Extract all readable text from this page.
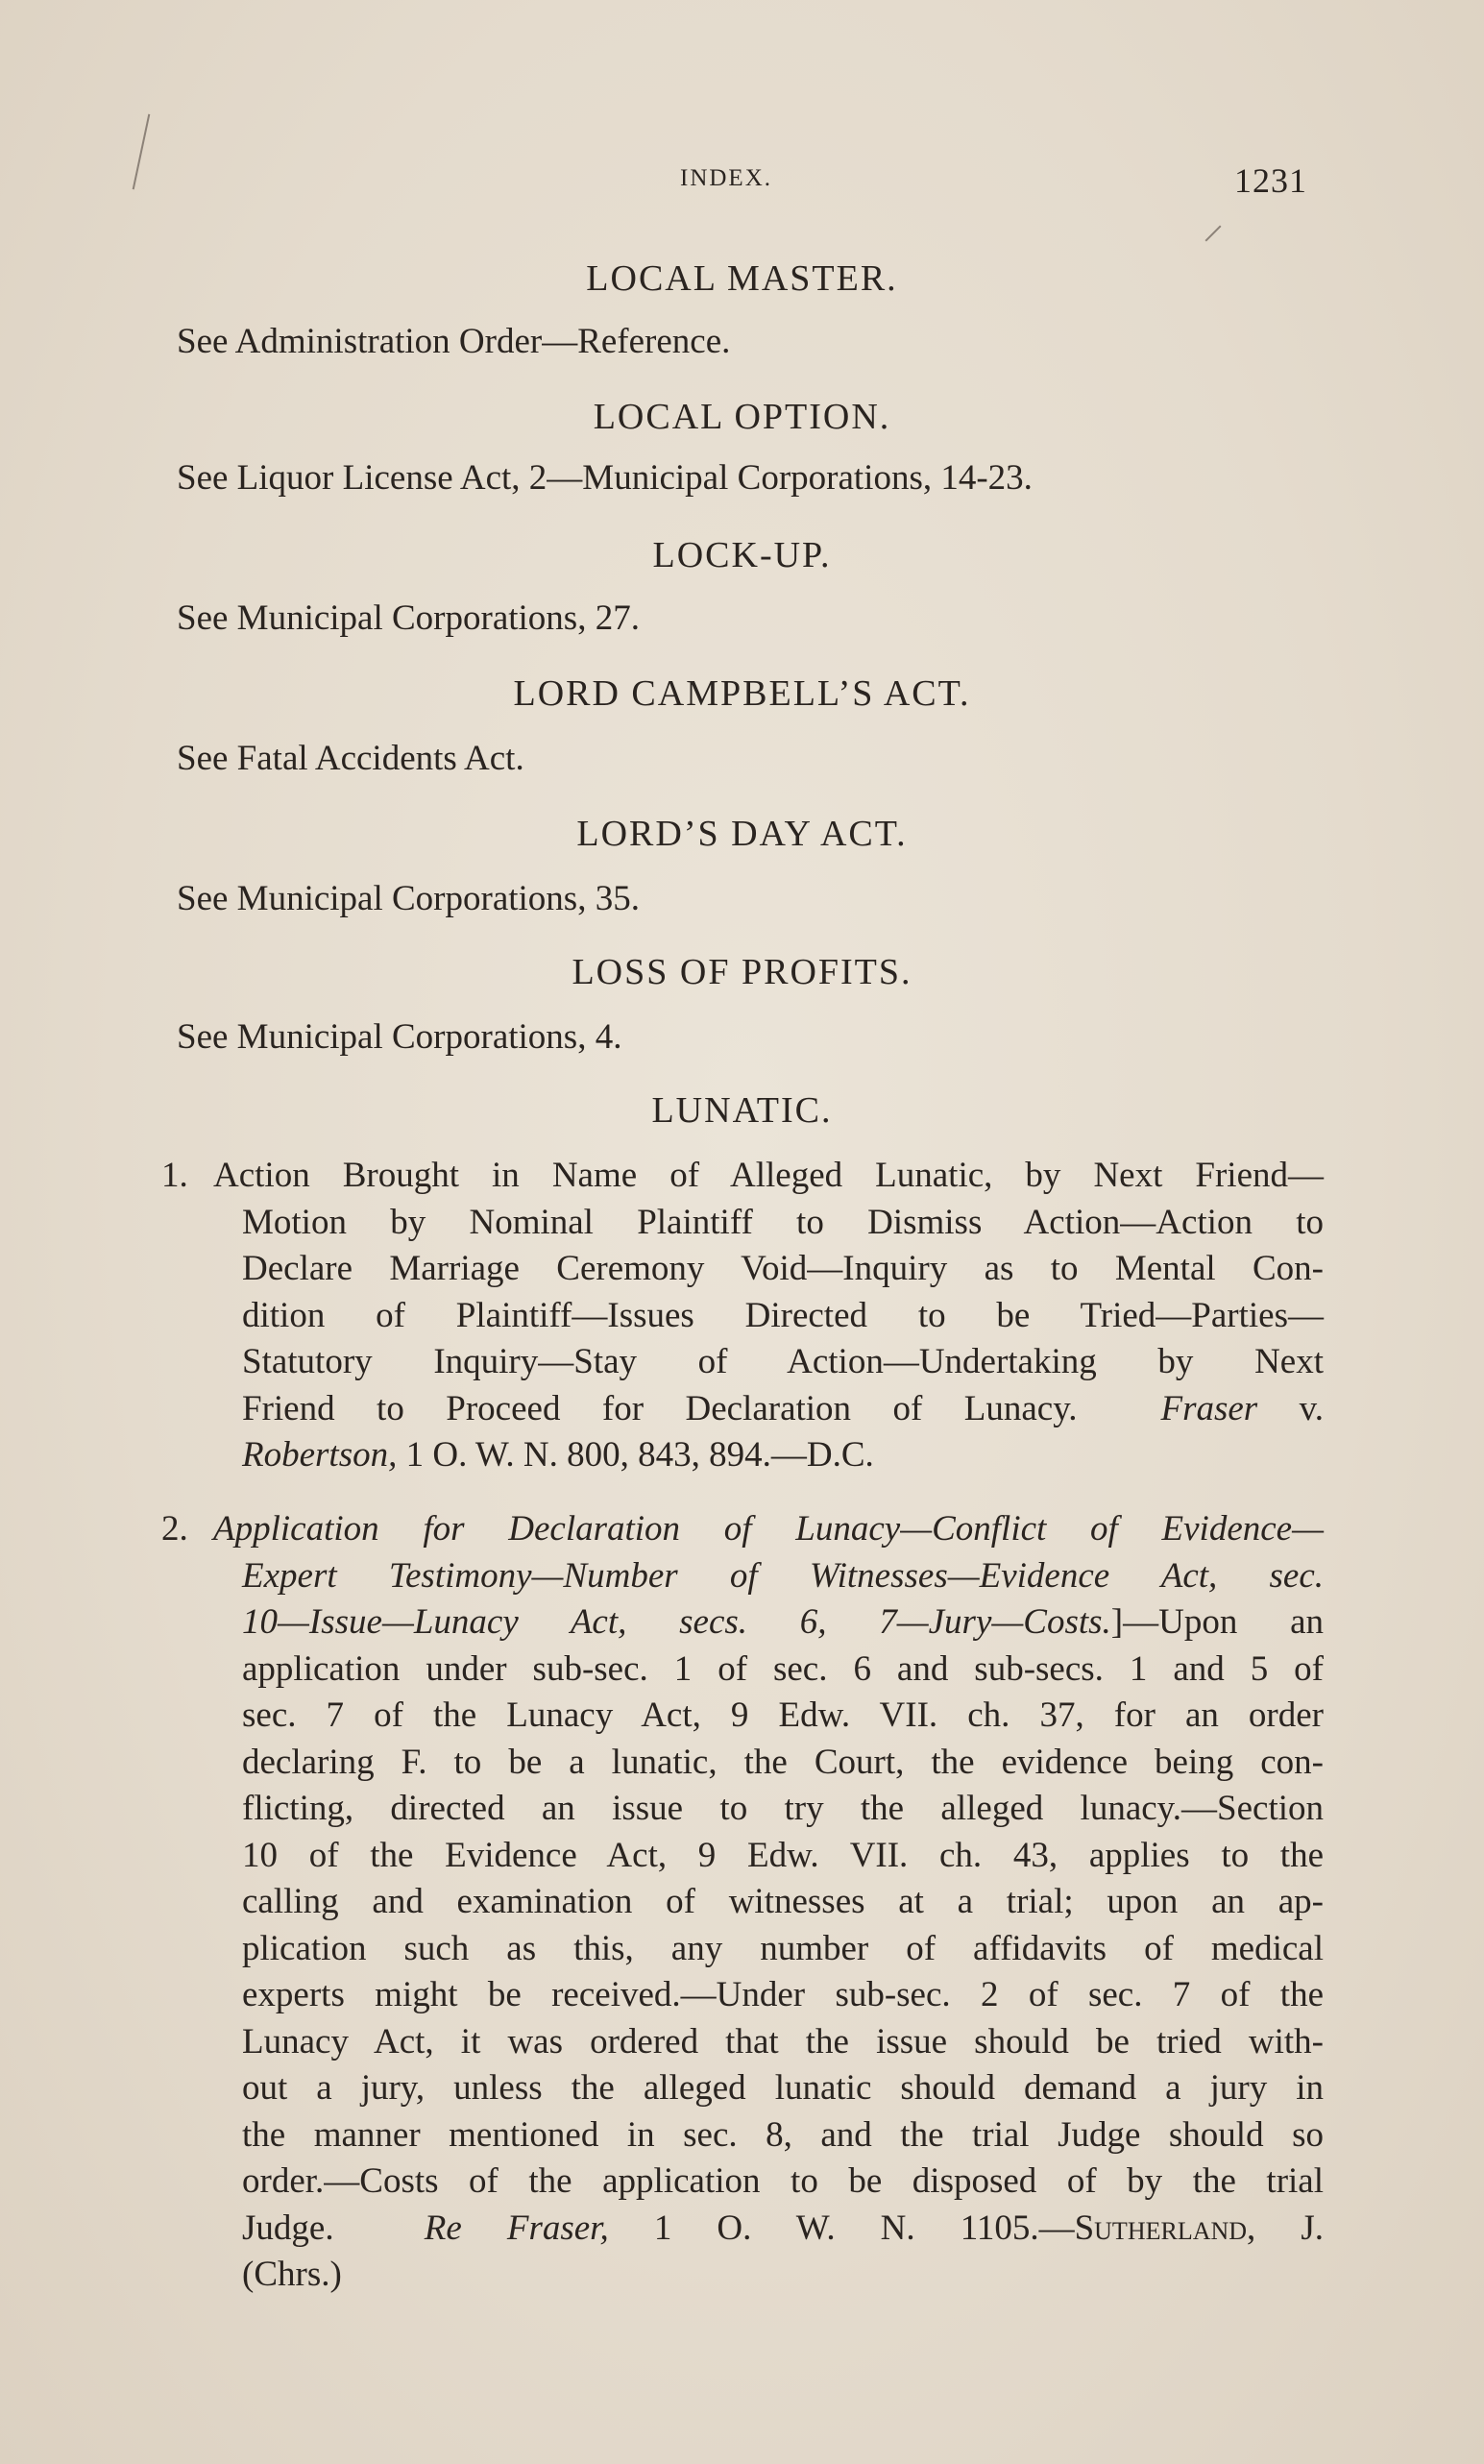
INDEX.	1231
LOCAL MASTER.
See Administration Order—Reference.
LOCAL OPTION.
See Liquor License Act, 2—Municipal Corporations, 14-23.
LOCK-UP.
See Municipal Corporations, 27.
LORD CAMPBELL’S ACT.
See Fatal Accidents Act.
LORD’S DAY ACT.
See Municipal Corporations, 35.
LOSS OF PROFITS.
See Municipal Corporations, 4.
LUNATIC.
1. Action Brought in Name of Alleged Lunatic, by Next Friend—
Motion by Nominal Plaintiff to Dismiss Action—Action to
Declare Marriage Ceremony Void—Inquiry as to Mental Con-
dition of Plaintiff—Issues Directed to be Tried—Parties—
Statutory Inquiry—Stay of Action—Undertaking by Next
Friend to Proceed for Declaration of Lunacy. Fraser v.
Robertson, 1 O. W. N. 800, 843, 894.—D.C.
2. Application for Declaration of Lunacy—Conflict of Evidence—
Expert Testimony—Number of Witnesses—Evidence Act, sec.
10—Issue—Lunacy Act, secs. 6, 7—Jury—Costs.]—Upon an
application under sub-sec. 1 of sec. 6 and sub-secs. 1 and 5 of
sec. 7 of the Lunacy Act, 9 Edw. VII. ch. 37, for an order
declaring F. to be a lunatic, the Court, the evidence being con-
flicting, directed an issue to try the alleged lunacy.—Section
10 of the Evidence Act, 9 Edw. VII. ch. 43, applies to the
calling and examination of witnesses at a trial; upon an ap-
plication such as this, any number of affidavits of medical
experts might be received.—Under sub-sec. 2 of sec. 7 of the
Lunacy Act, it was ordered that the issue should be tried with-
out a jury, unless the alleged lunatic should demand a jury in
the manner mentioned in sec. 8, and the trial Judge should so
order.—Costs of the application to be disposed of by the trial
Judge.	Re Fraser, 1 O. W. N. 1105.—Sutherland, J.
(Chrs.)
